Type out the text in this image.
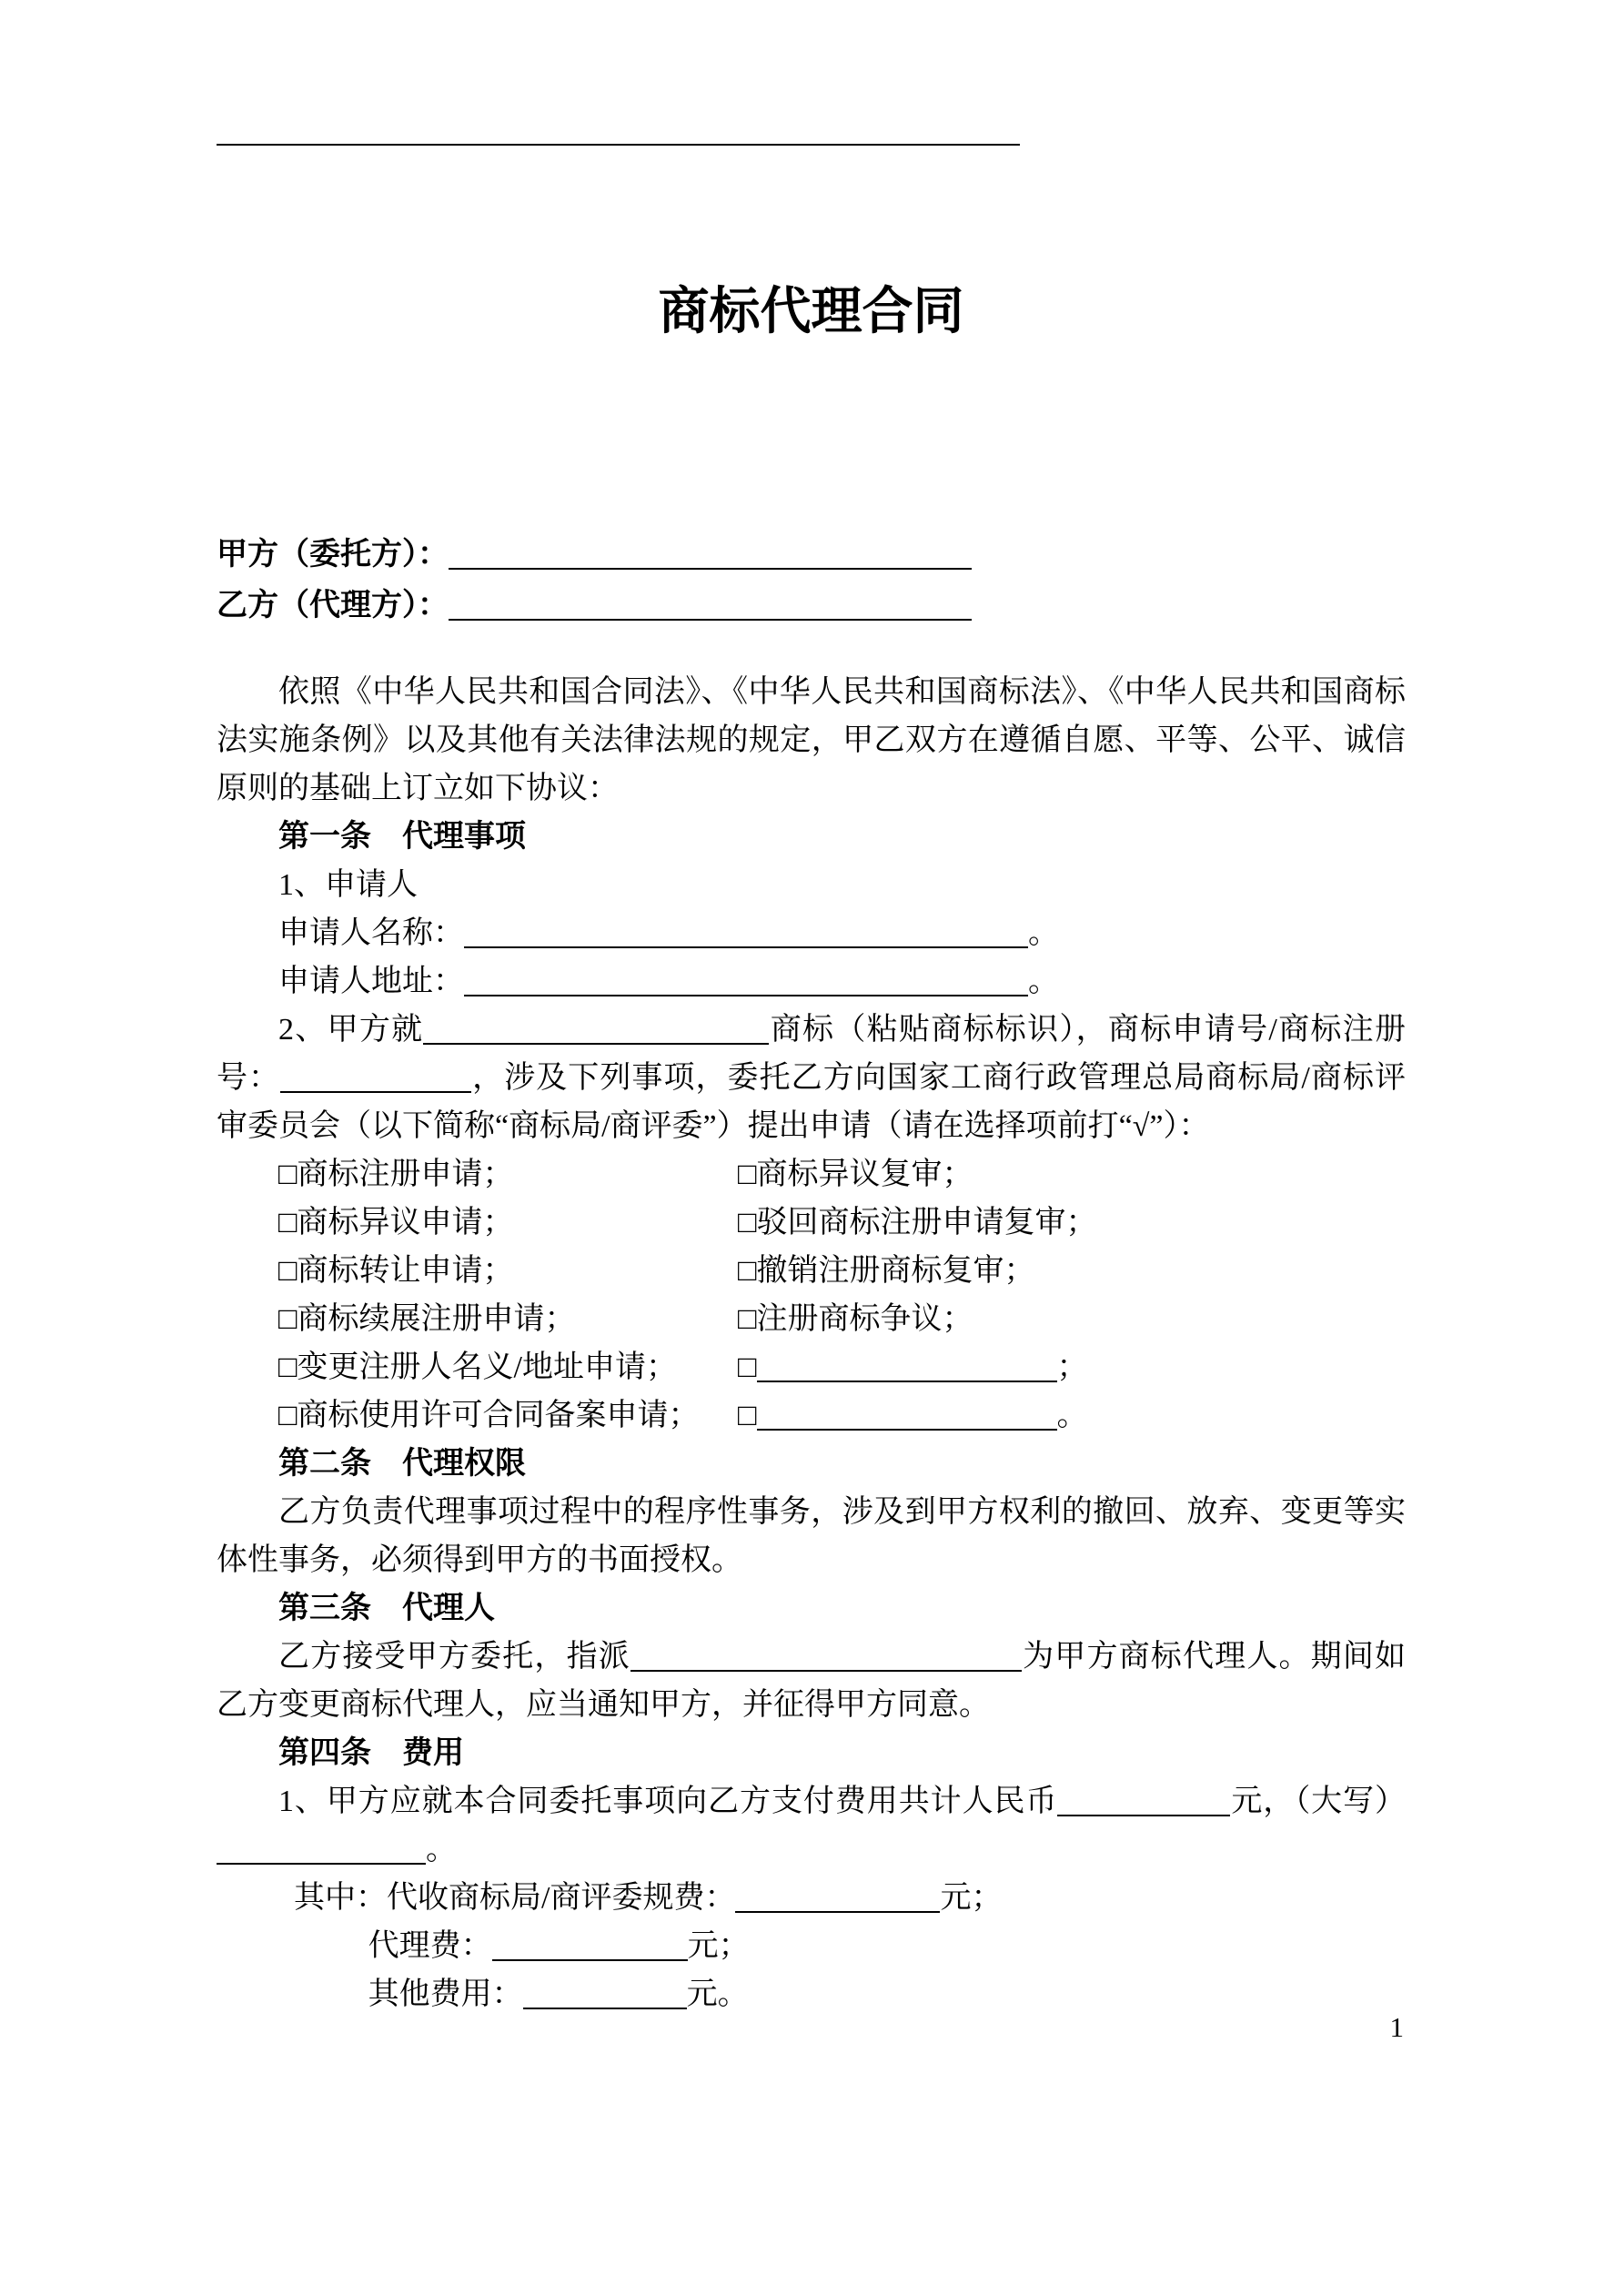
商标代理合同
甲方（委托方）：
乙方（代理方）：

依照《中华人民共和国合同法》、《中华人民共和国商标法》、《中华人民共和国商标法实施条例》以及其他有关法律法规的规定，甲乙双方在遵循自愿、平等、公平、诚信原则的基础上订立如下协议：

第一条　代理事项

1、申请人

申请人名称：	。

申请人地址：	。

2、甲方就	商标（粘贴商标标识），商标申请号/商标注册号：	，涉及下列事项，委托乙方向国家工商行政管理总局商标局/商标评审委员会（以下简称“商标局/商评委”）提出申请（请在选择项前打“√”）：

□商标注册申请；	□商标异议复审；
□商标异议申请；	□驳回商标注册申请复审；
□商标转让申请；	□撤销注册商标复审；
□商标续展注册申请；	□注册商标争议；
□变更注册人名义/地址申请；	□	；
□商标使用许可合同备案申请；	□	。

第二条　代理权限

乙方负责代理事项过程中的程序性事务，涉及到甲方权利的撤回、放弃、变更等实体性事务，必须得到甲方的书面授权。

第三条　代理人

乙方接受甲方委托，指派	为甲方商标代理人。期间如乙方变更商标代理人，应当通知甲方，并征得甲方同意。

第四条　费用

1、甲方应就本合同委托事项向乙方支付费用共计人民币	元，（大写）。

其中：代收商标局/商评委规费：	元；

代理费：	元；

其他费用：	元。

1
